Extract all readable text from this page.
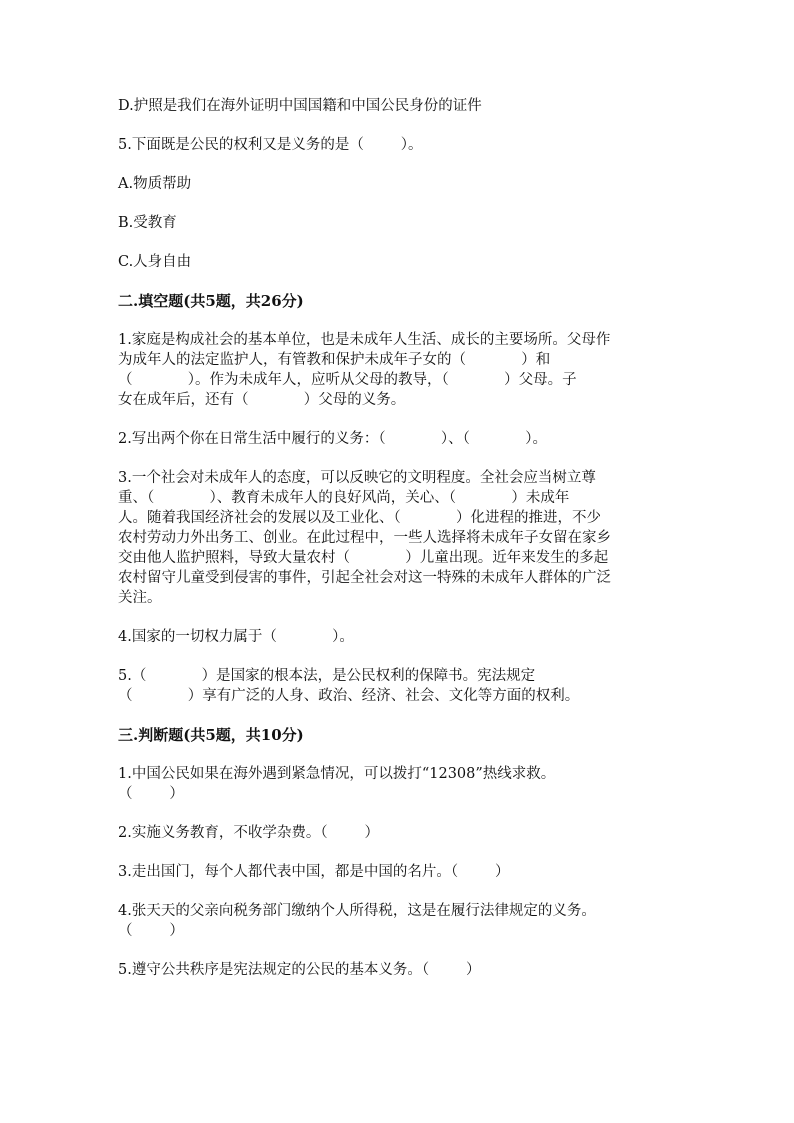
D.护照是我们在海外证明中国国籍和中国公民身份的证件

5.下面既是公民的权利又是义务的是（        ）。

A.物质帮助

B.受教育

C.人身自由

二.填空题(共5题，共26分)
1.家庭是构成社会的基本单位，也是未成年人生活、成长的主要场所。父母作
为成年人的法定监护人，有管教和保护未成年子女的（            ）和
（            ）。作为未成年人，应听从父母的教导，（            ）父母。子
女在成年后，还有（            ）父母的义务。
2.写出两个你在日常生活中履行的义务：（            ）、（            ）。
3.一个社会对未成年人的态度，可以反映它的文明程度。全社会应当树立尊
重、（            ）、教育未成年人的良好风尚，关心、（            ）未成年
人。随着我国经济社会的发展以及工业化、（            ）化进程的推进，不少
农村劳动力外出务工、创业。在此过程中，一些人选择将未成年子女留在家乡
交由他人监护照料，导致大量农村（            ）儿童出现。近年来发生的多起
农村留守儿童受到侵害的事件，引起全社会对这一特殊的未成年人群体的广泛
关注。
4.国家的一切权力属于（            ）。
5.（            ）是国家的根本法，是公民权利的保障书。宪法规定
（            ）享有广泛的人身、政治、经济、社会、文化等方面的权利。
三.判断题(共5题，共10分)
1.中国公民如果在海外遇到紧急情况，可以拨打“12308”热线求救。
（        ）
2.实施义务教育，不收学杂费。（        ）
3.走出国门，每个人都代表中国，都是中国的名片。（        ）
4.张天天的父亲向税务部门缴纳个人所得税，这是在履行法律规定的义务。
（        ）
5.遵守公共秩序是宪法规定的公民的基本义务。（        ）
